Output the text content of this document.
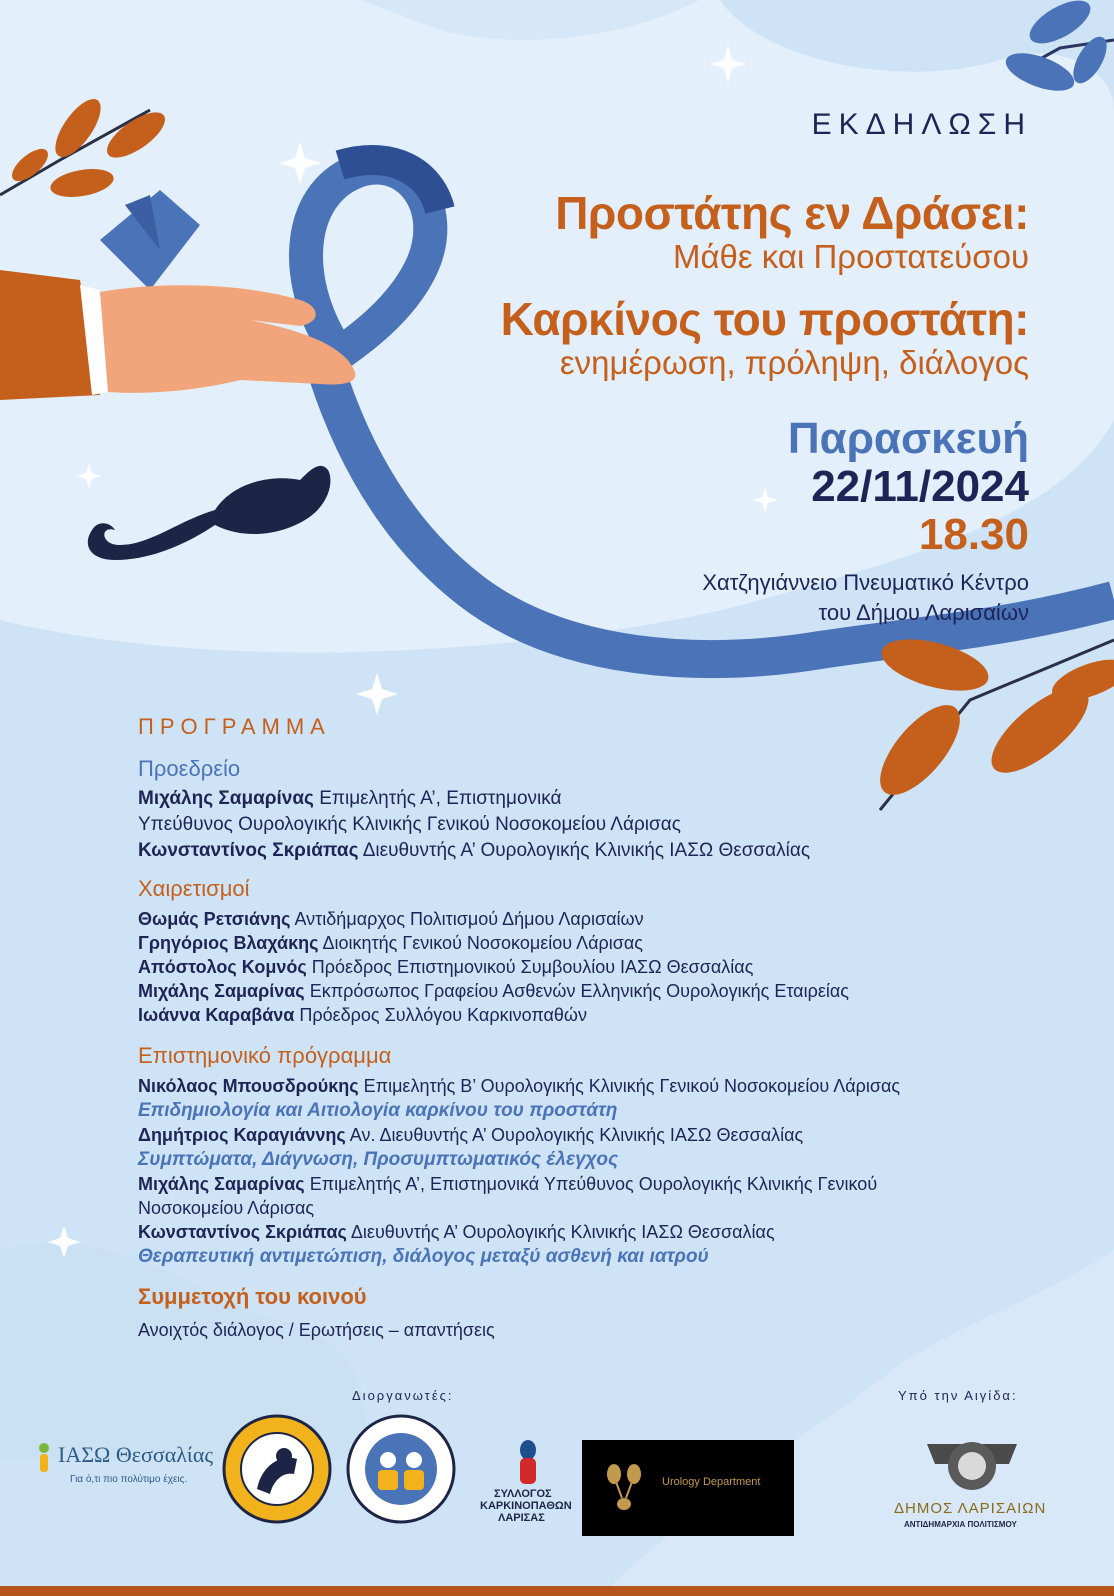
ΕΚΔΗΛΩΣΗ
Προστάτης εν Δράσει:
Μάθε και Προστατεύσου
Καρκίνος του προστάτη:
ενημέρωση, πρόληψη, διάλογος
Παρασκευή
22/11/2024
18.30
Χατζηγιάννειο Πνευματικό Κέντρο
του Δήμου Λαρισαίων
ΠΡΟΓΡΑΜΜΑ
Προεδρείο
Μιχάλης Σαμαρίνας Επιμελητής Α’, Επιστημονικά
Υπεύθυνος Ουρολογικής Κλινικής Γενικού Νοσοκομείου Λάρισας
Κωνσταντίνος Σκριάπας Διευθυντής Α’ Ουρολογικής Κλινικής ΙΑΣΩ Θεσσαλίας
Χαιρετισμοί
Θωμάς Ρετσιάνης Αντιδήμαρχος Πολιτισμού Δήμου Λαρισαίων
Γρηγόριος Βλαχάκης Διοικητής Γενικού Νοσοκομείου Λάρισας
Απόστολος Κομνός Πρόεδρος Επιστημονικού Συμβουλίου ΙΑΣΩ Θεσσαλίας
Μιχάλης Σαμαρίνας Εκπρόσωπος Γραφείου Ασθενών Ελληνικής Ουρολογικής Εταιρείας
Ιωάννα Καραβάνα Πρόεδρος Συλλόγου Καρκινοπαθών
Επιστημονικό πρόγραμμα
Νικόλαος Μπουσδρούκης Επιμελητής Β’ Ουρολογικής Κλινικής Γενικού Νοσοκομείου Λάρισας
Επιδημιολογία και Αιτιολογία καρκίνου του προστάτη
Δημήτριος Καραγιάννης Αν. Διευθυντής Α’ Ουρολογικής Κλινικής ΙΑΣΩ Θεσσαλίας
Συμπτώματα, Διάγνωση, Προσυμπτωματικός έλεγχος
Μιχάλης Σαμαρίνας Επιμελητής Α’, Επιστημονικά Υπεύθυνος Ουρολογικής Κλινικής Γενικού
Νοσοκομείου Λάρισας
Κωνσταντίνος Σκριάπας Διευθυντής Α’ Ουρολογικής Κλινικής ΙΑΣΩ Θεσσαλίας
Θεραπευτική αντιμετώπιση, διάλογος μεταξύ ασθενή και ιατρού
Συμμετοχή του κοινού
Ανοιχτός διάλογος / Ερωτήσεις – απαντήσεις
Διοργανωτές:	Υπό την Αιγίδα:
ΙΑΣΩ Θεσσαλίας
Για ό,τι πιο πολύτιμο έχεις.
ΣΥΛΛΟΓΟΣ
ΚΑΡΚΙΝΟΠΑΘΩΝ
ΛΑΡΙΣΑΣ
Urology Department
ΔΗΜΟΣ ΛΑΡΙΣΑΙΩΝ
ΑΝΤΙΔΗΜΑΡΧΙΑ ΠΟΛΙΤΙΣΜΟΥ
